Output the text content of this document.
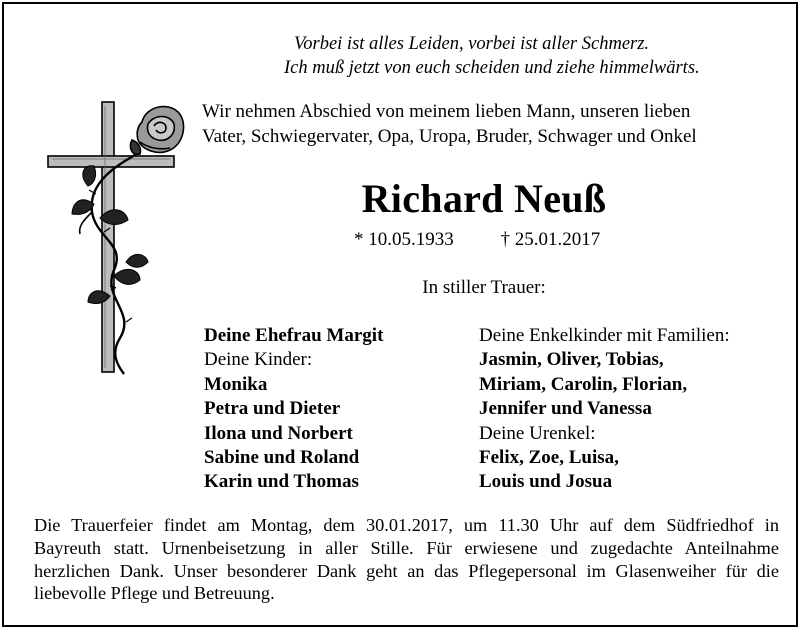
Vorbei ist alles Leiden, vorbei ist aller Schmerz.
Ich muß jetzt von euch scheiden und ziehe himmelwärts.
Wir nehmen Abschied von meinem lieben Mann, unseren lieben
Vater, Schwiegervater, Opa, Uropa, Bruder, Schwager und Onkel
Richard Neuß
* 10.05.1933 † 25.01.2017
In stiller Trauer:
Deine Ehefrau Margit
Deine Kinder:
Monika
Petra und Dieter
Ilona und Norbert
Sabine und Roland
Karin und Thomas
Deine Enkelkinder mit Familien:
Jasmin, Oliver, Tobias,
Miriam, Carolin, Florian,
Jennifer und Vanessa
Deine Urenkel:
Felix, Zoe, Luisa,
Louis und Josua
Die Trauerfeier findet am Montag, dem 30.01.2017, um 11.30 Uhr auf dem Südfriedhof in
Bayreuth statt. Urnenbeisetzung in aller Stille. Für erwiesene und zugedachte Anteilnahme
herzlichen Dank. Unser besonderer Dank geht an das Pflegepersonal im Glasenweiher für die
liebevolle Pflege und Betreuung.
